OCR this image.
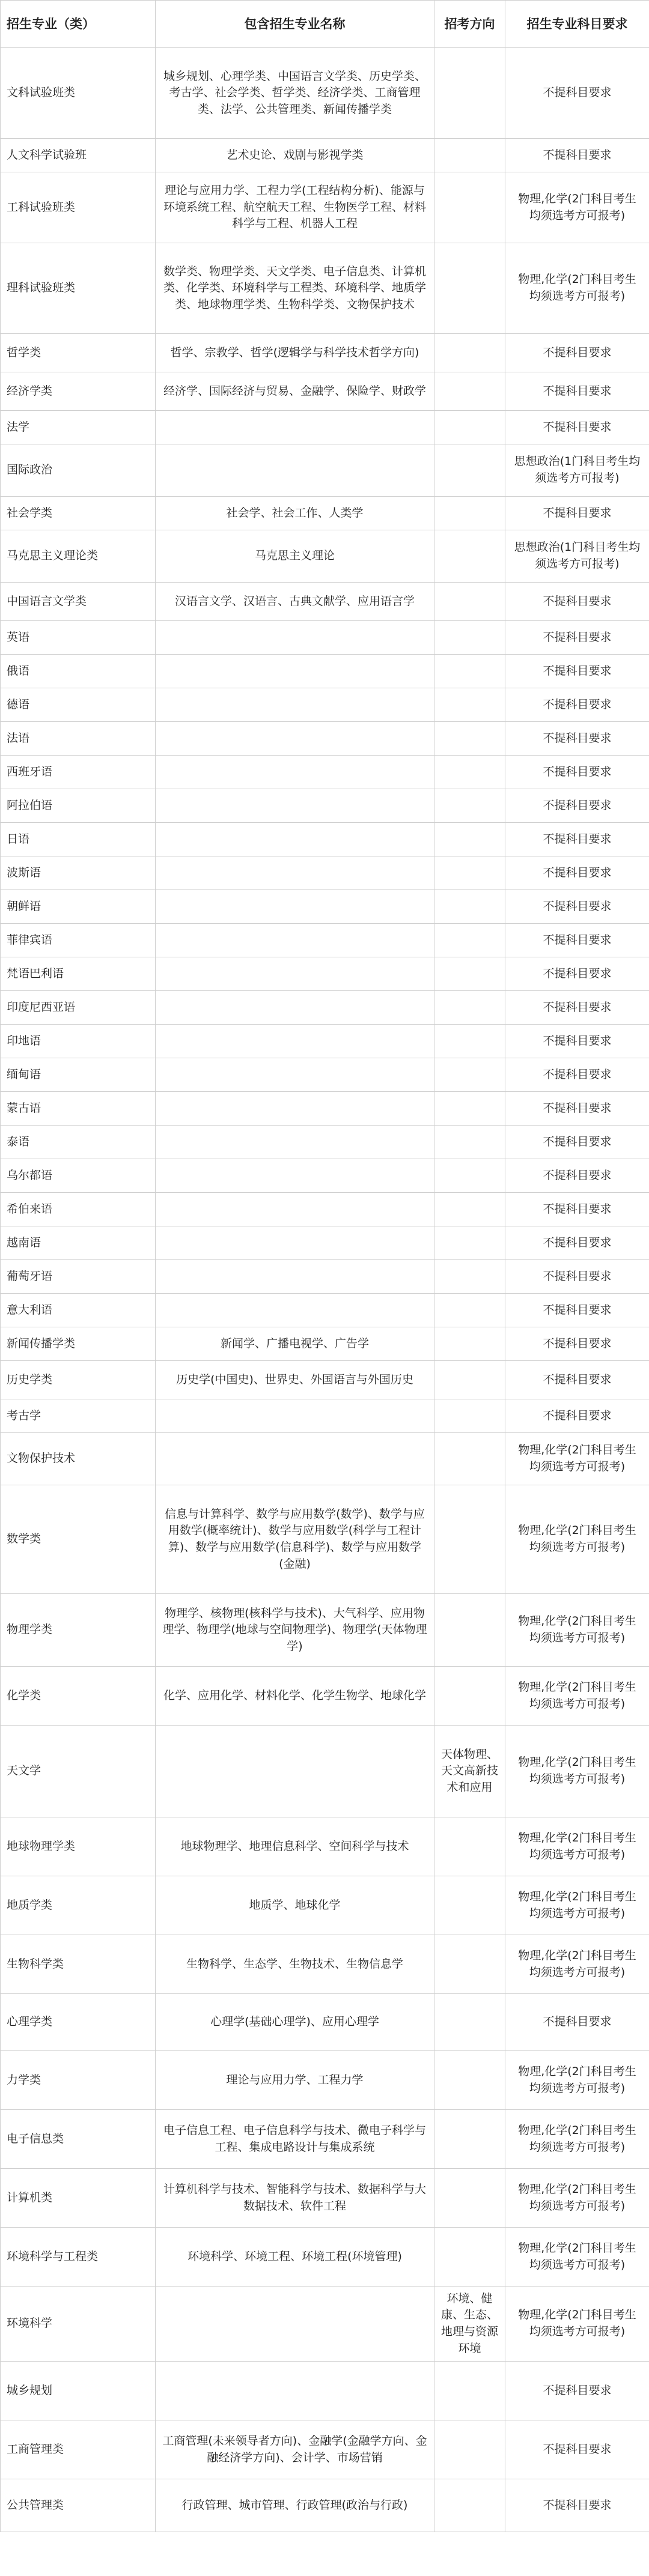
招生专业（类）	包含招生专业名称	招考方向	招生专业科目要求
文科试验班类	城乡规划、心理学类、中国语言文学类、历史学类、考古学、社会学类、哲学类、经济学类、工商管理类、法学、公共管理类、新闻传播学类		不提科目要求
人文科学试验班	艺术史论、戏剧与影视学类		不提科目要求
工科试验班类	理论与应用力学、工程力学(工程结构分析)、能源与环境系统工程、航空航天工程、生物医学工程、材料科学与工程、机器人工程		物理,化学(2门科目考生均须选考方可报考)
理科试验班类	数学类、物理学类、天文学类、电子信息类、计算机类、化学类、环境科学与工程类、环境科学、地质学类、地球物理学类、生物科学类、文物保护技术		物理,化学(2门科目考生均须选考方可报考)
哲学类	哲学、宗教学、哲学(逻辑学与科学技术哲学方向)		不提科目要求
经济学类	经济学、国际经济与贸易、金融学、保险学、财政学		不提科目要求
法学			不提科目要求
国际政治			思想政治(1门科目考生均须选考方可报考)
社会学类	社会学、社会工作、人类学		不提科目要求
马克思主义理论类	马克思主义理论		思想政治(1门科目考生均须选考方可报考)
中国语言文学类	汉语言文学、汉语言、古典文献学、应用语言学		不提科目要求
英语			不提科目要求
俄语			不提科目要求
德语			不提科目要求
法语			不提科目要求
西班牙语			不提科目要求
阿拉伯语			不提科目要求
日语			不提科目要求
波斯语			不提科目要求
朝鲜语			不提科目要求
菲律宾语			不提科目要求
梵语巴利语			不提科目要求
印度尼西亚语			不提科目要求
印地语			不提科目要求
缅甸语			不提科目要求
蒙古语			不提科目要求
泰语			不提科目要求
乌尔都语			不提科目要求
希伯来语			不提科目要求
越南语			不提科目要求
葡萄牙语			不提科目要求
意大利语			不提科目要求
新闻传播学类	新闻学、广播电视学、广告学		不提科目要求
历史学类	历史学(中国史)、世界史、外国语言与外国历史		不提科目要求
考古学			不提科目要求
文物保护技术			物理,化学(2门科目考生均须选考方可报考)
数学类	信息与计算科学、数学与应用数学(数学)、数学与应用数学(概率统计)、数学与应用数学(科学与工程计算)、数学与应用数学(信息科学)、数学与应用数学(金融)		物理,化学(2门科目考生均须选考方可报考)
物理学类	物理学、核物理(核科学与技术)、大气科学、应用物理学、物理学(地球与空间物理学)、物理学(天体物理学)		物理,化学(2门科目考生均须选考方可报考)
化学类	化学、应用化学、材料化学、化学生物学、地球化学		物理,化学(2门科目考生均须选考方可报考)
天文学		天体物理、天文高新技术和应用	物理,化学(2门科目考生均须选考方可报考)
地球物理学类	地球物理学、地理信息科学、空间科学与技术		物理,化学(2门科目考生均须选考方可报考)
地质学类	地质学、地球化学		物理,化学(2门科目考生均须选考方可报考)
生物科学类	生物科学、生态学、生物技术、生物信息学		物理,化学(2门科目考生均须选考方可报考)
心理学类	心理学(基础心理学)、应用心理学		不提科目要求
力学类	理论与应用力学、工程力学		物理,化学(2门科目考生均须选考方可报考)
电子信息类	电子信息工程、电子信息科学与技术、微电子科学与工程、集成电路设计与集成系统		物理,化学(2门科目考生均须选考方可报考)
计算机类	计算机科学与技术、智能科学与技术、数据科学与大数据技术、软件工程		物理,化学(2门科目考生均须选考方可报考)
环境科学与工程类	环境科学、环境工程、环境工程(环境管理)		物理,化学(2门科目考生均须选考方可报考)
环境科学		环境、健康、生态、地理与资源环境	物理,化学(2门科目考生均须选考方可报考)
城乡规划			不提科目要求
工商管理类	工商管理(未来领导者方向)、金融学(金融学方向、金融经济学方向)、会计学、市场营销		不提科目要求
公共管理类	行政管理、城市管理、行政管理(政治与行政)		不提科目要求
